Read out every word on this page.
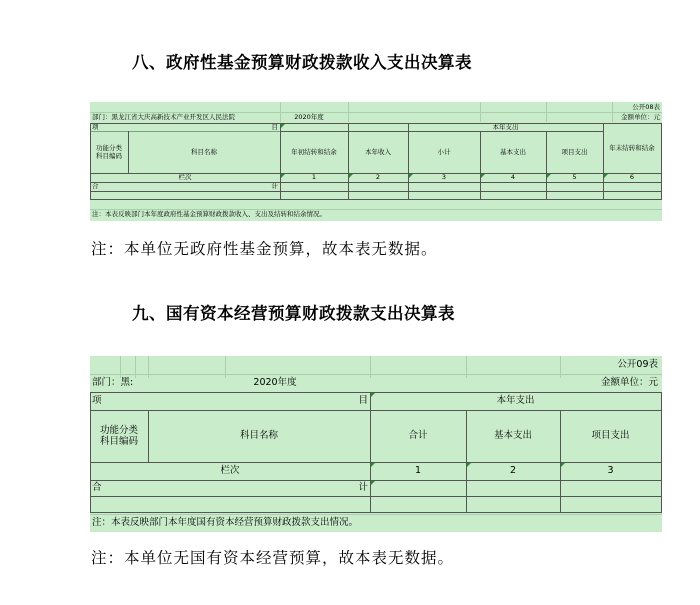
八、政府性基金预算财政拨款收入支出决算表
公开08表
部门：黑龙江省大庆高新技术产业开发区人民法院	2020年度	金额单位：元
项	目	本年支出
功能分类
科目编码	科目名称	年初结转和结余	本年收入	小计	基本支出	项目支出	年末结转和结余
栏次	1	2	3	4	5	6
合	计
注：本表反映部门本年度政府性基金预算财政拨款收入、支出及结转和结余情况。
注：本单位无政府性基金预算，故本表无数据。
九、国有资本经营预算财政拨款支出决算表
公开09表
部门：黑:	2020年度	金额单位：元
项	目	本年支出
功能分类
科目编码	科目名称	合计	基本支出	项目支出
栏次	1	2	3
合	计
注：本表反映部门本年度国有资本经营预算财政拨款支出情况。
注：本单位无国有资本经营预算，故本表无数据。
